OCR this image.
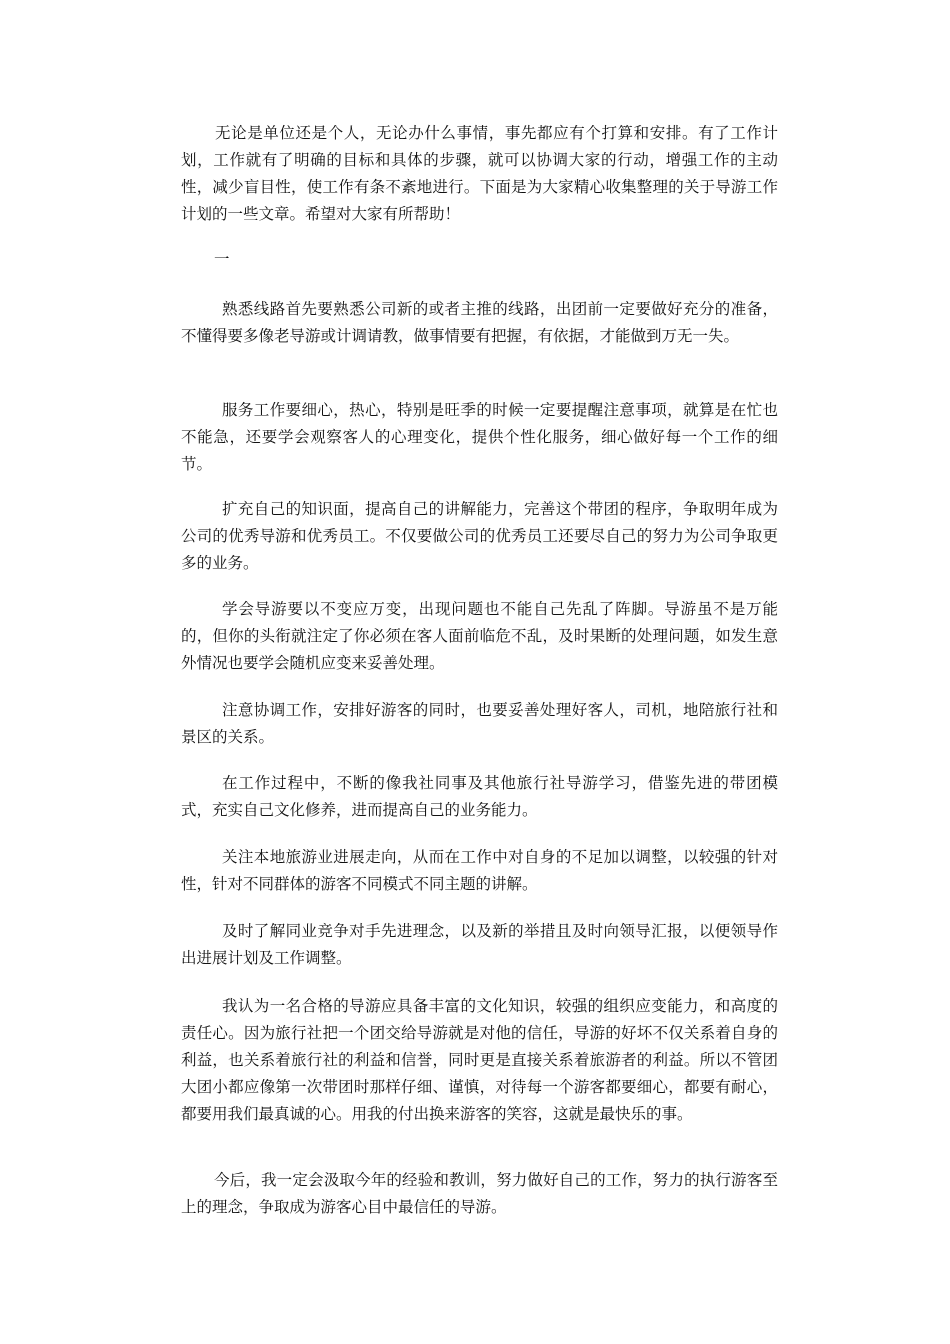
无论是单位还是个人，无论办什么事情，事先都应有个打算和安排。有了工作计划，工作就有了明确的目标和具体的步骤，就可以协调大家的行动，增强工作的主动性，减少盲目性，使工作有条不紊地进行。下面是为大家精心收集整理的关于导游工作计划的一些文章。希望对大家有所帮助！

一

熟悉线路首先要熟悉公司新的或者主推的线路，出团前一定要做好充分的准备，不懂得要多像老导游或计调请教，做事情要有把握，有依据，才能做到万无一失。

服务工作要细心，热心，特别是旺季的时候一定要提醒注意事项，就算是在忙也不能急，还要学会观察客人的心理变化，提供个性化服务，细心做好每一个工作的细节。

扩充自己的知识面，提高自己的讲解能力，完善这个带团的程序，争取明年成为公司的优秀导游和优秀员工。不仅要做公司的优秀员工还要尽自己的努力为公司争取更多的业务。

学会导游要以不变应万变，出现问题也不能自己先乱了阵脚。导游虽不是万能的，但你的头衔就注定了你必须在客人面前临危不乱，及时果断的处理问题，如发生意外情况也要学会随机应变来妥善处理。

注意协调工作，安排好游客的同时，也要妥善处理好客人，司机，地陪旅行社和景区的关系。

在工作过程中，不断的像我社同事及其他旅行社导游学习，借鉴先进的带团模式，充实自己文化修养，进而提高自己的业务能力。

关注本地旅游业进展走向，从而在工作中对自身的不足加以调整，以较强的针对性，针对不同群体的游客不同模式不同主题的讲解。

及时了解同业竞争对手先进理念，以及新的举措且及时向领导汇报，以便领导作出进展计划及工作调整。

我认为一名合格的导游应具备丰富的文化知识，较强的组织应变能力，和高度的责任心。因为旅行社把一个团交给导游就是对他的信任，导游的好坏不仅关系着自身的利益，也关系着旅行社的利益和信誉，同时更是直接关系着旅游者的利益。所以不管团大团小都应像第一次带团时那样仔细、谨慎，对待每一个游客都要细心，都要有耐心，都要用我们最真诚的心。用我的付出换来游客的笑容，这就是最快乐的事。

今后，我一定会汲取今年的经验和教训，努力做好自己的工作，努力的执行游客至上的理念，争取成为游客心目中最信任的导游。
